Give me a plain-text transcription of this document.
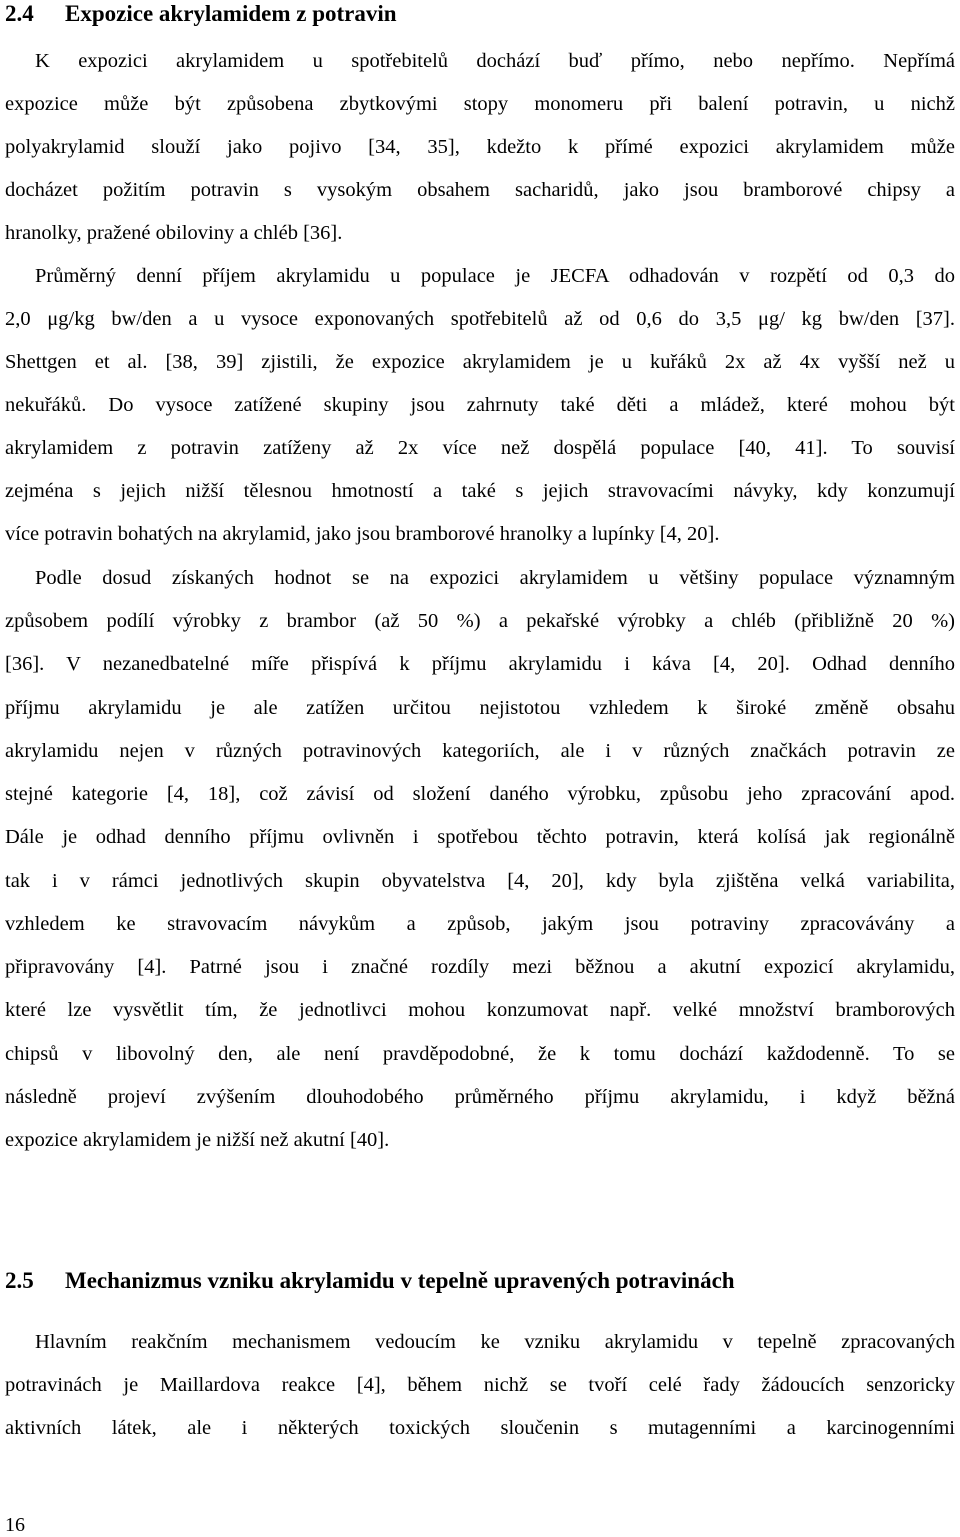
2.4 Expozice akrylamidem z potravin
K expozici akrylamidem u spotřebitelů dochází buď přímo, nebo nepřímo. Nepřímá
expozice může být způsobena zbytkovými stopy monomeru při balení potravin, u nichž
polyakrylamid slouží jako pojivo [34, 35], kdežto k přímé expozici akrylamidem může
docházet požitím potravin s vysokým obsahem sacharidů, jako jsou bramborové chipsy a
hranolky, pražené obiloviny a chléb [36].
Průměrný denní příjem akrylamidu u populace je JECFA odhadován v rozpětí od 0,3 do
2,0 μg/kg bw/den a u vysoce exponovaných spotřebitelů až od 0,6 do 3,5 μg/ kg bw/den [37].
Shettgen et al. [38, 39] zjistili, že expozice akrylamidem je u kuřáků 2x až 4x vyšší než u
nekuřáků. Do vysoce zatížené skupiny jsou zahrnuty také děti a mládež, které mohou být
akrylamidem z potravin zatíženy až 2x více než dospělá populace [40, 41]. To souvisí
zejména s jejich nižší tělesnou hmotností a také s jejich stravovacími návyky, kdy konzumují
více potravin bohatých na akrylamid, jako jsou bramborové hranolky a lupínky [4, 20].
Podle dosud získaných hodnot se na expozici akrylamidem u většiny populace významným
způsobem podílí výrobky z brambor (až 50 %) a pekařské výrobky a chléb (přibližně 20 %)
[36]. V nezanedbatelné míře přispívá k příjmu akrylamidu i káva [4, 20]. Odhad denního
příjmu akrylamidu je ale zatížen určitou nejistotou vzhledem k široké změně obsahu
akrylamidu nejen v různých potravinových kategoriích, ale i v různých značkách potravin ze
stejné kategorie [4, 18], což závisí od složení daného výrobku, způsobu jeho zpracování apod.
Dále je odhad denního příjmu ovlivněn i spotřebou těchto potravin, která kolísá jak regionálně
tak i v rámci jednotlivých skupin obyvatelstva [4, 20], kdy byla zjištěna velká variabilita,
vzhledem ke stravovacím návykům a způsob, jakým jsou potraviny zpracovávány a
připravovány [4]. Patrné jsou i značné rozdíly mezi běžnou a akutní expozicí akrylamidu,
které lze vysvětlit tím, že jednotlivci mohou konzumovat např. velké množství bramborových
chipsů v libovolný den, ale není pravděpodobné, že k tomu dochází každodenně. To se
následně projeví zvýšením dlouhodobého průměrného příjmu akrylamidu, i když běžná
expozice akrylamidem je nižší než akutní [40].
2.5 Mechanizmus vzniku akrylamidu v tepelně upravených potravinách
Hlavním reakčním mechanismem vedoucím ke vzniku akrylamidu v tepelně zpracovaných
potravinách je Maillardova reakce [4], během nichž se tvoří celé řady žádoucích senzoricky
aktivních látek, ale i některých toxických sloučenin s mutagenními a karcinogenními
16
